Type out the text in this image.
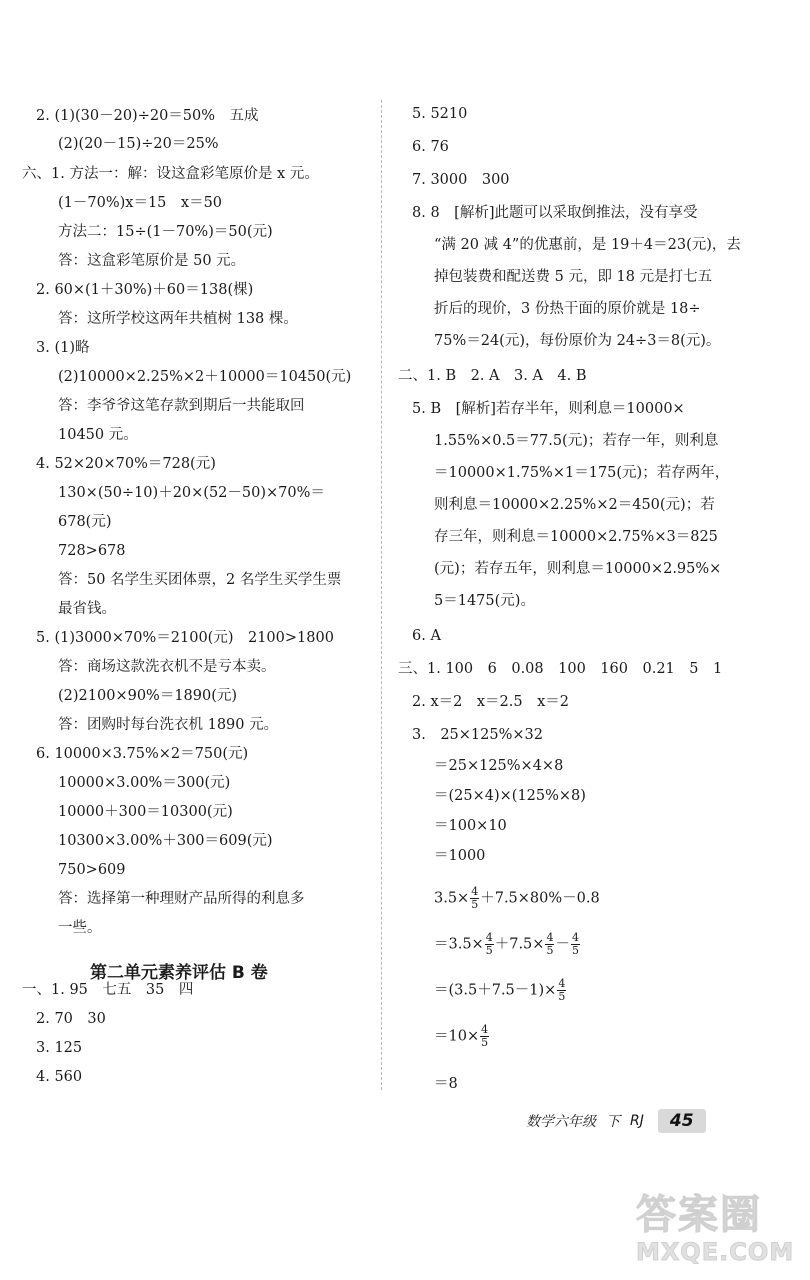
2. (1)(30－20)÷20＝50%　五成
(2)(20－15)÷20＝25%
六、1. 方法一：解：设这盒彩笔原价是 x 元。
(1－70%)x＝15　x＝50
方法二：15÷(1－70%)＝50(元)
答：这盒彩笔原价是 50 元。
2. 60×(1＋30%)＋60＝138(棵)
答：这所学校这两年共植树 138 棵。
3. (1)略
(2)10000×2.25%×2＋10000＝10450(元)
答：李爷爷这笔存款到期后一共能取回
10450 元。
4. 52×20×70%＝728(元)
130×(50÷10)＋20×(52－50)×70%＝
678(元)
728>678
答：50 名学生买团体票，2 名学生买学生票
最省钱。
5. (1)3000×70%＝2100(元)　2100>1800
答：商场这款洗衣机不是亏本卖。
(2)2100×90%＝1890(元)
答：团购时每台洗衣机 1890 元。
6. 10000×3.75%×2＝750(元)
10000×3.00%＝300(元)
10000＋300＝10300(元)
10300×3.00%＋300＝609(元)
750>609
答：选择第一种理财产品所得的利息多
一些。
一、1. 95　七五　35　四
2. 70　30
3. 125
4. 560
$3.5\times \frac{4}{5} +7.5\times 80\%-0.8$
$=3.5\times \frac{4}{5} +7.5\times \frac{4}{5} - \frac{4}{5}$
$=(3.5+7.5-1)\times \frac{4}{5}$
$=10\times \frac{4}{5}$
＝8
5. 5210
6. 76
7. 3000　300
8. 8　[解析]此题可以采取倒推法，没有享受
“满 20 减 4”的优惠前，是 19＋4＝23(元)，去
掉包装费和配送费 5 元，即 18 元是打七五
折后的现价，3 份热干面的原价就是 18÷
75%＝24(元)，每份原价为 24÷3＝8(元)。
二、1. B　2. A　3. A　4. B
5. B　[解析]若存半年，则利息＝10000×
1.55%×0.5＝77.5(元)；若存一年，则利息
＝10000×1.75%×1＝175(元)；若存两年，
则利息＝10000×2.25%×2＝450(元)；若
存三年，则利息＝10000×2.75%×3＝825
(元)；若存五年，则利息＝10000×2.95%×
5＝1475(元)。
6. A
三、1. 100　6　0.08　100　160　0.21　5　1
2. x＝2　x＝2.5　x＝2
3.　25×125%×32
＝25×125%×4×8
＝(25×4)×(125%×8)
＝100×10
＝1000
第二单元素养评估 B 卷
数学六年级 下 RJ	45
答案圈
MXQE.COM
